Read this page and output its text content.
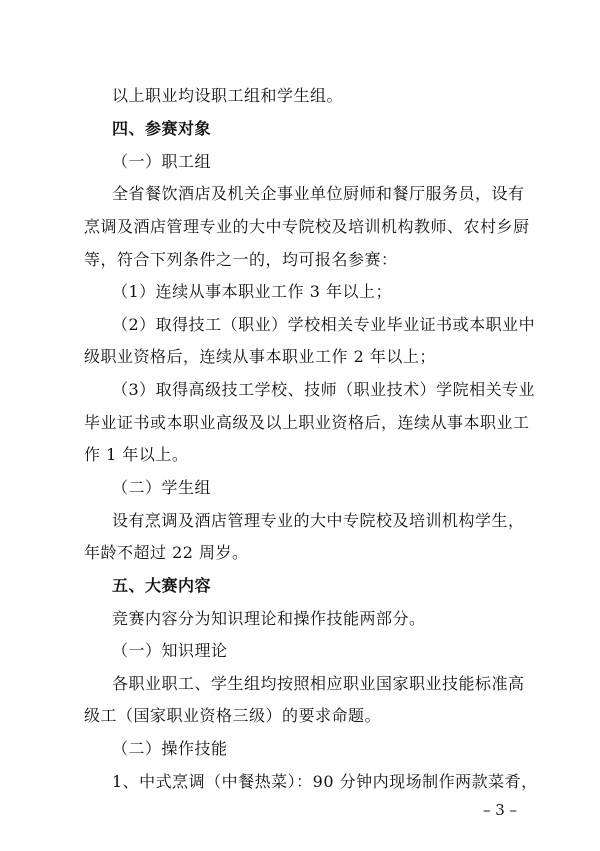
以上职业均设职工组和学生组。
四、参赛对象
（一）职工组
全省餐饮酒店及机关企事业单位厨师和餐厅服务员，设有
烹调及酒店管理专业的大中专院校及培训机构教师、农村乡厨
等，符合下列条件之一的，均可报名参赛：
（1）连续从事本职业工作 3 年以上；
（2）取得技工（职业）学校相关专业毕业证书或本职业中
级职业资格后，连续从事本职业工作 2 年以上；
（3）取得高级技工学校、技师（职业技术）学院相关专业
毕业证书或本职业高级及以上职业资格后，连续从事本职业工
作 1 年以上。
（二）学生组
设有烹调及酒店管理专业的大中专院校及培训机构学生，
年龄不超过 22 周岁。
五、大赛内容
竞赛内容分为知识理论和操作技能两部分。
（一）知识理论
各职业职工、学生组均按照相应职业国家职业技能标准高
级工（国家职业资格三级）的要求命题。
（二）操作技能
– 3 –
1、中式烹调（中餐热菜）：90 分钟内现场制作两款菜肴，
